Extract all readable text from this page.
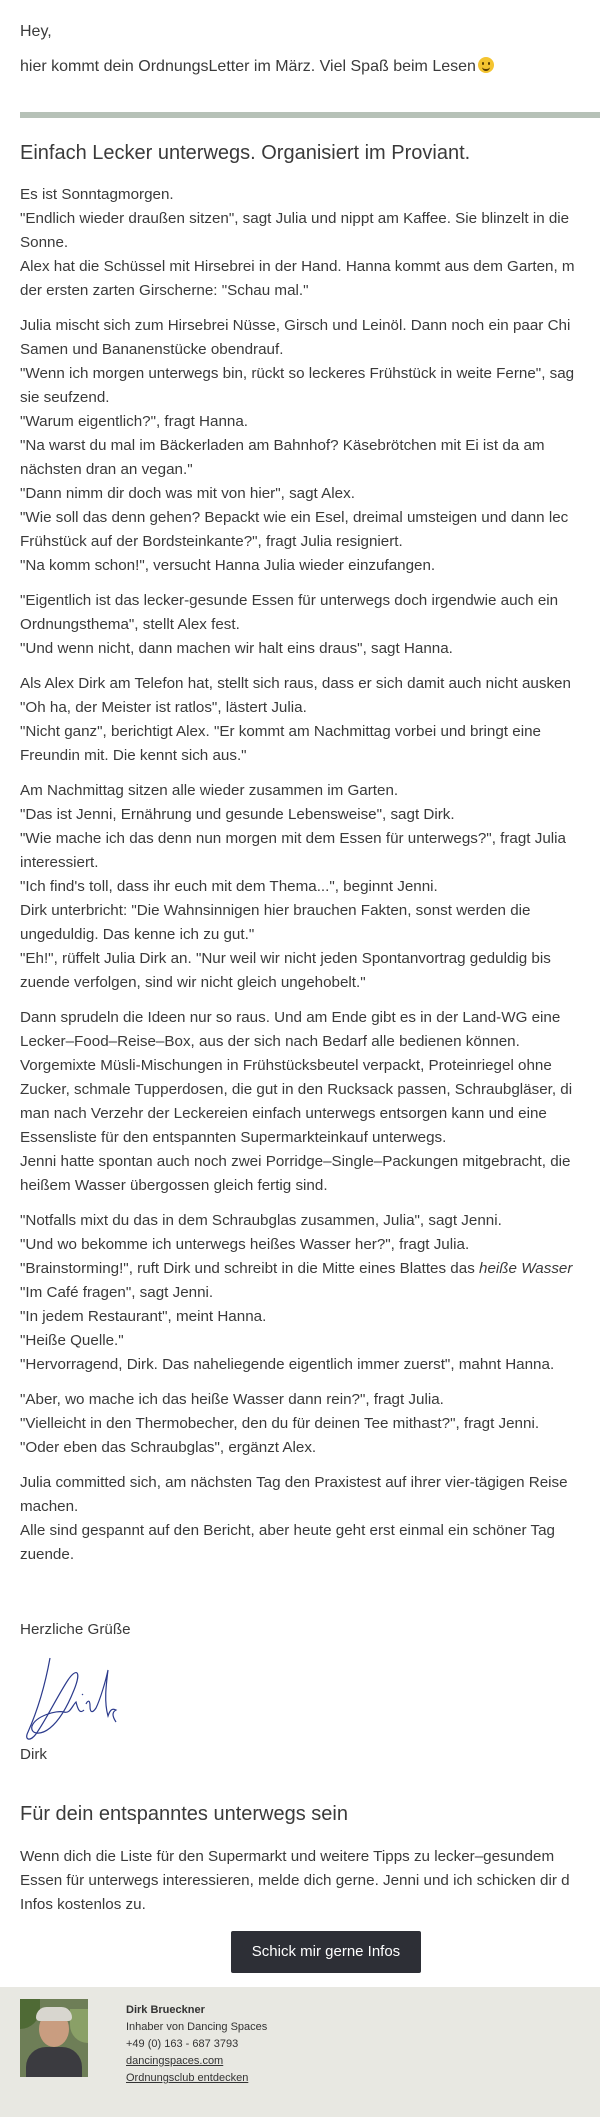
Hey,
hier kommt dein OrdnungsLetter im März. Viel Spaß beim Lesen
Einfach Lecker unterwegs. Organisiert im Proviant.
Es ist Sonntagmorgen.
"Endlich wieder draußen sitzen", sagt Julia und nippt am Kaffee. Sie blinzelt in die
Sonne.
Alex hat die Schüssel mit Hirsebrei in der Hand. Hanna kommt aus dem Garten, m
der ersten zarten Girscherne: "Schau mal."
Julia mischt sich zum Hirsebrei Nüsse, Girsch und Leinöl. Dann noch ein paar Chi
Samen und Bananenstücke obendrauf.
"Wenn ich morgen unterwegs bin, rückt so leckeres Frühstück in weite Ferne", sag
sie seufzend.
"Warum eigentlich?", fragt Hanna.
"Na warst du mal im Bäckerladen am Bahnhof? Käsebrötchen mit Ei ist da am
nächsten dran an vegan."
"Dann nimm dir doch was mit von hier", sagt Alex.
"Wie soll das denn gehen? Bepackt wie ein Esel, dreimal umsteigen und dann lec
Frühstück auf der Bordsteinkante?", fragt Julia resigniert.
"Na komm schon!", versucht Hanna Julia wieder einzufangen.
"Eigentlich ist das lecker-gesunde Essen für unterwegs doch irgendwie auch ein
Ordnungsthema", stellt Alex fest.
"Und wenn nicht, dann machen wir halt eins draus", sagt Hanna.
Als Alex Dirk am Telefon hat, stellt sich raus, dass er sich damit auch nicht ausken
"Oh ha, der Meister ist ratlos", lästert Julia.
"Nicht ganz", berichtigt Alex. "Er kommt am Nachmittag vorbei und bringt eine
Freundin mit. Die kennt sich aus."
Am Nachmittag sitzen alle wieder zusammen im Garten.
"Das ist Jenni, Ernährung und gesunde Lebensweise", sagt Dirk.
"Wie mache ich das denn nun morgen mit dem Essen für unterwegs?", fragt Julia
interessiert.
"Ich find's toll, dass ihr euch mit dem Thema...", beginnt Jenni.
Dirk unterbricht: "Die Wahnsinnigen hier brauchen Fakten, sonst werden die
ungeduldig. Das kenne ich zu gut."
"Eh!", rüffelt Julia Dirk an. "Nur weil wir nicht jeden Spontanvortrag geduldig bis
zuende verfolgen, sind wir nicht gleich ungehobelt."
Dann sprudeln die Ideen nur so raus. Und am Ende gibt es in der Land-WG eine
Lecker–Food–Reise–Box, aus der sich nach Bedarf alle bedienen können.
Vorgemixte Müsli-Mischungen in Frühstücksbeutel verpackt, Proteinriegel ohne
Zucker, schmale Tupperdosen, die gut in den Rucksack passen, Schraubgläser, di
man nach Verzehr der Leckereien einfach unterwegs entsorgen kann und eine
Essensliste für den entspannten Supermarkteinkauf unterwegs.
Jenni hatte spontan auch noch zwei Porridge–Single–Packungen mitgebracht, die
heißem Wasser übergossen gleich fertig sind.
"Notfalls mixt du das in dem Schraubglas zusammen, Julia", sagt Jenni.
"Und wo bekomme ich unterwegs heißes Wasser her?", fragt Julia.
"Brainstorming!", ruft Dirk und schreibt in die Mitte eines Blattes das heiße Wasser
"Im Café fragen", sagt Jenni.
"In jedem Restaurant", meint Hanna.
"Heiße Quelle."
"Hervorragend, Dirk. Das naheliegende eigentlich immer zuerst", mahnt Hanna.
"Aber, wo mache ich das heiße Wasser dann rein?", fragt Julia.
"Vielleicht in den Thermobecher, den du für deinen Tee mithast?", fragt Jenni.
"Oder eben das Schraubglas", ergänzt Alex.
Julia committed sich, am nächsten Tag den Praxistest auf ihrer vier-tägigen Reise
machen.
Alle sind gespannt auf den Bericht, aber heute geht erst einmal ein schöner Tag
zuende.
Herzliche Grüße
Dirk
Für dein entspanntes unterwegs sein
Wenn dich die Liste für den Supermarkt und weitere Tipps zu lecker–gesundem
Essen für unterwegs interessieren, melde dich gerne. Jenni und ich schicken dir d
Infos kostenlos zu.
Schick mir gerne Infos
Dirk Brueckner
Inhaber von Dancing Spaces
+49 (0) 163 - 687 3793
dancingspaces.com
Ordnungsclub entdecken
